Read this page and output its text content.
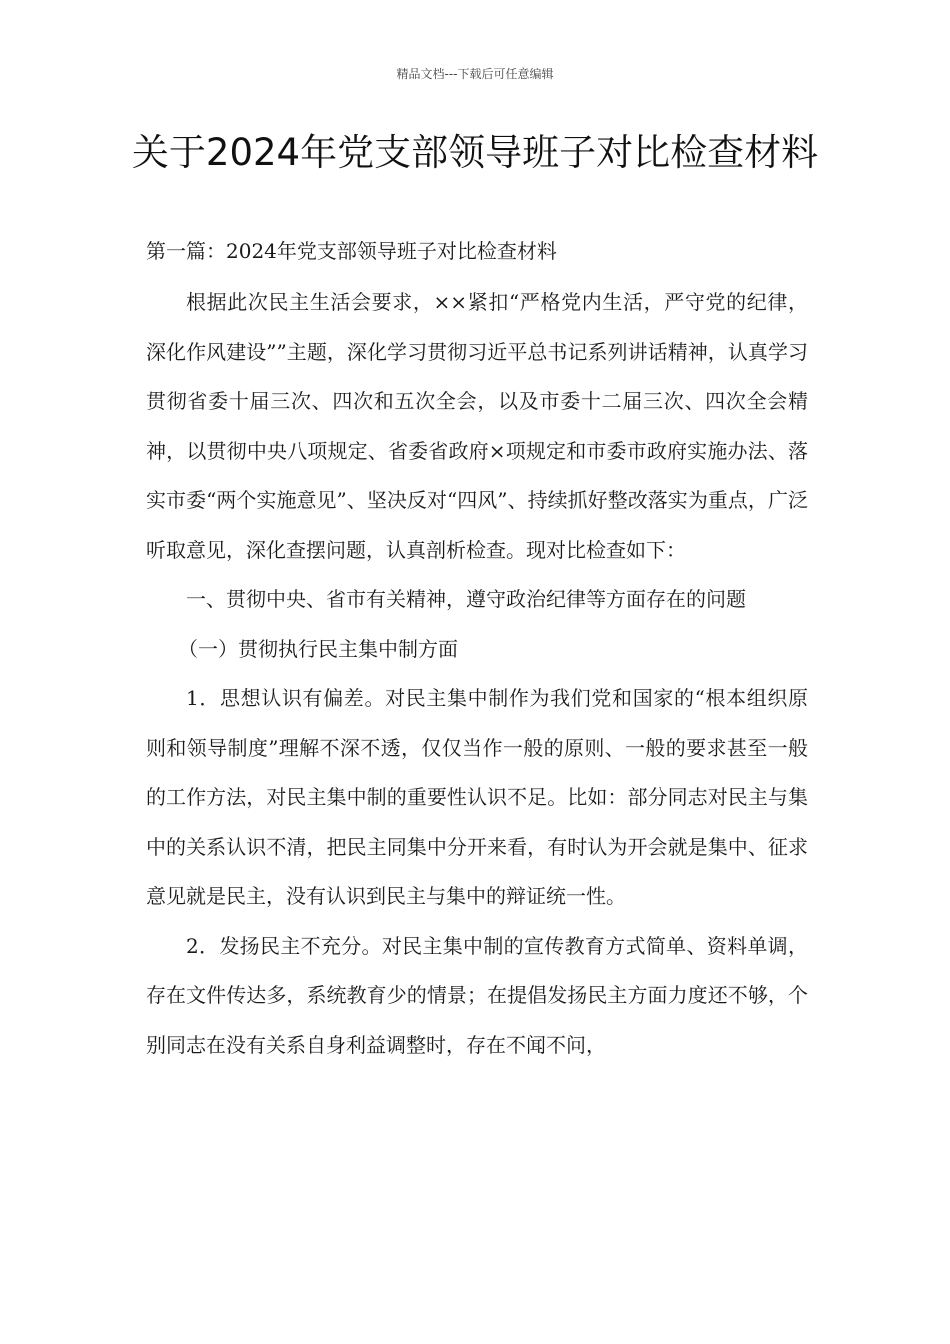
精品文档---下载后可任意编辑
关于2024年党支部领导班子对比检查材料

第一篇：2024年党支部领导班子对比检查材料

根据此次民主生活会要求，××紧扣“严格党内生活，严守党的纪律，深化作风建设””主题，深化学习贯彻习近平总书记系列讲话精神，认真学习贯彻省委十届三次、四次和五次全会，以及市委十二届三次、四次全会精神，以贯彻中央八项规定、省委省政府×项规定和市委市政府实施办法、落实市委“两个实施意见”、坚决反对“四风”、持续抓好整改落实为重点，广泛听取意见，深化查摆问题，认真剖析检查。现对比检查如下：

一、贯彻中央、省市有关精神，遵守政治纪律等方面存在的问题

（一）贯彻执行民主集中制方面

1．思想认识有偏差。对民主集中制作为我们党和国家的“根本组织原则和领导制度”理解不深不透，仅仅当作一般的原则、一般的要求甚至一般的工作方法，对民主集中制的重要性认识不足。比如：部分同志对民主与集中的关系认识不清，把民主同集中分开来看，有时认为开会就是集中、征求意见就是民主，没有认识到民主与集中的辩证统一性。

2．发扬民主不充分。对民主集中制的宣传教育方式简单、资料单调，存在文件传达多，系统教育少的情景；在提倡发扬民主方面力度还不够，个别同志在没有关系自身利益调整时，存在不闻不问，
